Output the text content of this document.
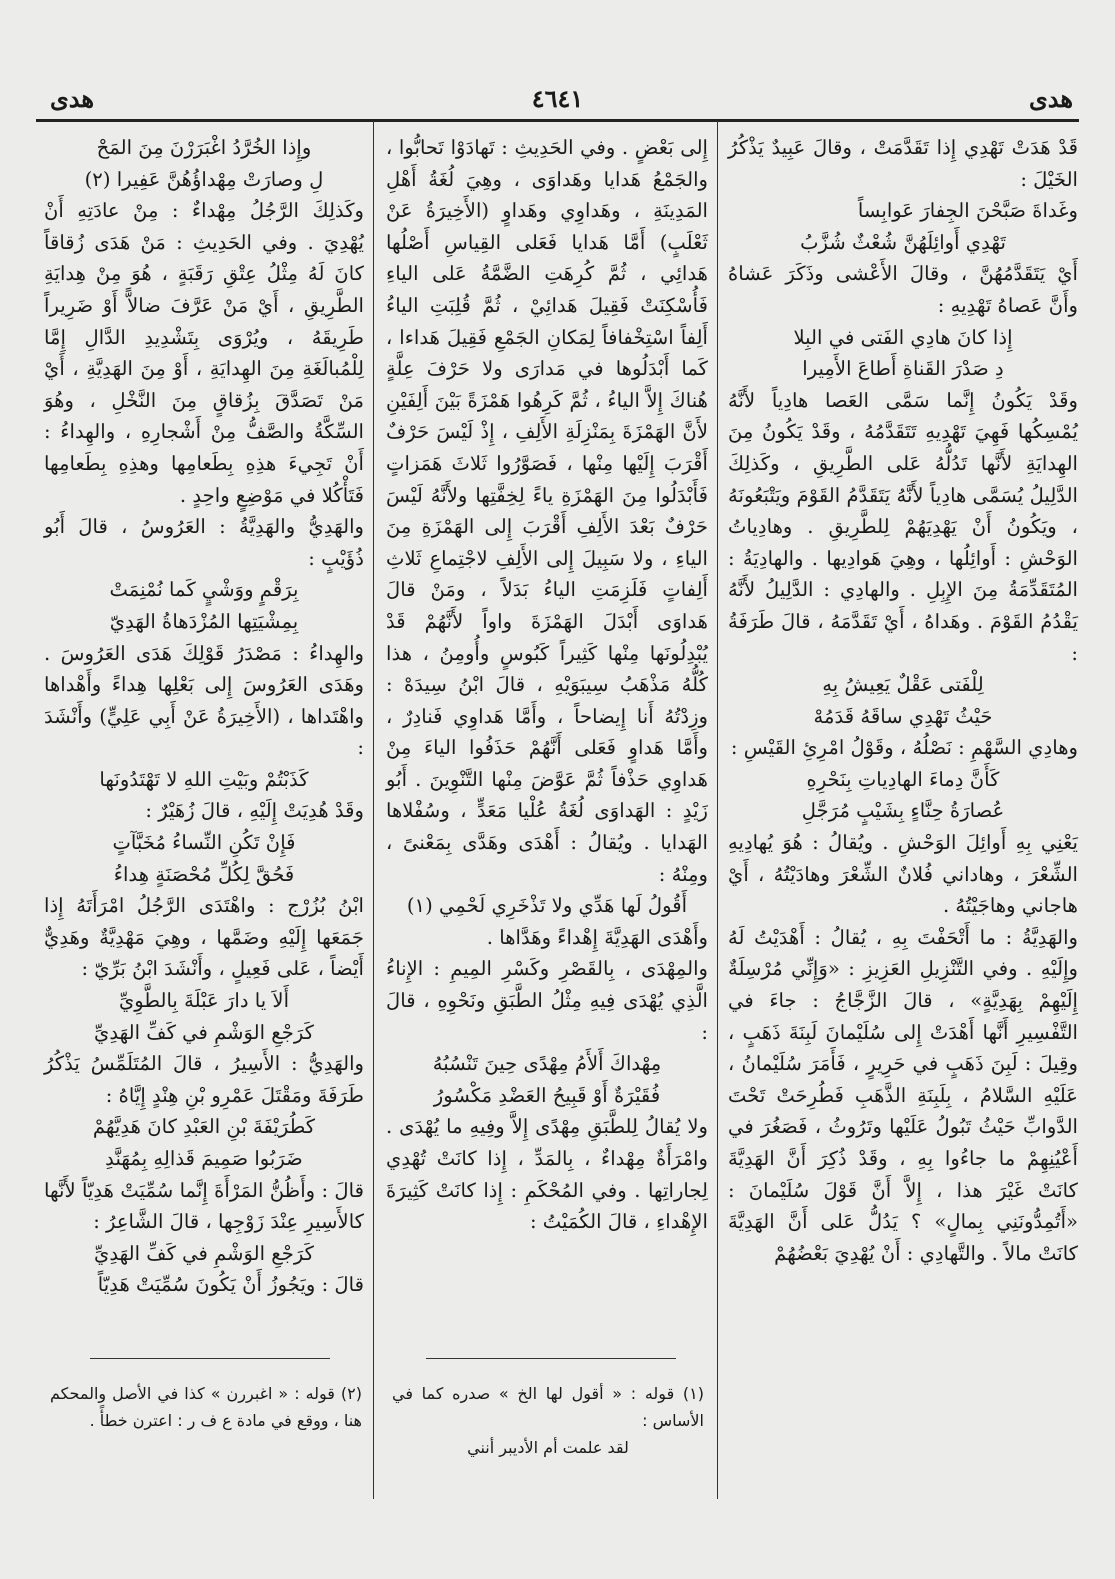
هدى
٤٦٤١
هدى

قَدْ هَدَتْ تَهْدِي إِذا تَقَدَّمَتْ ، وقالَ عَبِيدٌ يَذْكُرُ الخَيْلَ :

وغَداةَ صَبَّحْنَ الجِفارَ عَوابِساً

تَهْدِي أَوائِلَهُنَّ شُعْثٌ شُزَّبُ

أَيْ يَتَقَدَّمُهُنَّ ، وقالَ الأَعْشى وذَكَرَ عَشاهُ وأَنَّ عَصاهُ تَهْدِيهِ :

إِذا كانَ هادِي الفَتى في البِلا

دِ صَدْرَ القَناةِ أَطاعَ الأَمِيرا

وقَدْ يَكُونُ إِنَّما سَمَّى العَصا هادِياً لأَنَّهُ يُمْسِكُها فَهِيَ تَهْدِيهِ تَتَقَدَّمُهُ ، وقَدْ يَكُونُ مِنَ الهِدايَةِ لأَنَّها تَدُلُّهُ عَلى الطَّرِيقِ ، وكَذلِكَ الدَّلِيلُ يُسَمَّى هادِياً لأَنَّهُ يَتَقَدَّمُ القَوْمَ ويَتْبَعُونَهُ ، ويَكُونُ أَنْ يَهْدِيَهُمْ لِلطَّرِيقِ . وهادِياتُ الوَحْشِ : أَوائِلُها ، وهِيَ هَوادِيها . والهادِيَةُ : المُتَقَدِّمَةُ مِنَ الإِبِلِ . والهادِي : الدَّلِيلُ لأَنَّهُ يَقْدُمُ القَوْمَ . وهَداهُ ، أَيْ تَقَدَّمَهُ ، قالَ طَرَفَةُ :

لِلْفَتى عَقْلٌ يَعِيشُ بِهِ

حَيْثُ تَهْدِي ساقَهُ قَدَمُهْ

وهادِي السَّهْمِ : نَصْلُهُ ، وقَوْلُ امْرِئِ القَيْسِ :

كَأَنَّ دِماءَ الهادِياتِ بِنَحْرِهِ

عُصارَةُ حِنَّاءٍ بِشَيْبٍ مُرَجَّلِ

يَعْنِي بِهِ أَوائِلَ الوَحْشِ . ويُقالُ : هُوَ يُهادِيهِ الشِّعْرَ ، وهاداني فُلانٌ الشِّعْرَ وهادَيْتُهُ ، أَيْ هاجاني وهاجَيْتُهُ .

والهَدِيَّةُ : ما أَتْحَفْتَ بِهِ ، يُقالُ : أَهْدَيْتُ لَهُ وإِلَيْهِ . وفي التَّنْزِيلِ العَزِيزِ : «وَإِنِّي مُرْسِلَةٌ إِلَيْهِمْ بِهَدِيَّةٍ» ، قالَ الزَّجَّاجُ : جاءَ في التَّفْسِيرِ أَنَّها أَهْدَتْ إِلى سُلَيْمانَ لَبِنَةَ ذَهَبٍ ، وقِيلَ : لَبِنَ ذَهَبٍ في حَرِيرٍ ، فَأَمَرَ سُلَيْمانُ ، عَلَيْهِ السَّلامُ ، بِلَبِنَةِ الذَّهَبِ فَطُرِحَتْ تَحْتَ الدَّوابِّ حَيْثُ تَبُولُ عَلَيْها وتَرُوثُ ، فَصَغُرَ في أَعْيُنِهِمْ ما جاءُوا بِهِ ، وقَدْ ذُكِرَ أَنَّ الهَدِيَّةَ كانَتْ غَيْرَ هذا ، إِلاَّ أَنَّ قَوْلَ سُلَيْمانَ : «أَتُمِدُّونَنِي بِمالٍ» ؟ يَدُلُّ عَلى أَنَّ الهَدِيَّةَ كانَتْ مالاً . والتَّهادِي : أَنْ يُهْدِيَ بَعْضُهُمْ

إِلى بَعْضٍ . وفي الحَدِيثِ : تَهادَوْا تَحابُّوا ، والجَمْعُ هَدايا وهَداوَى ، وهِيَ لُغَةُ أَهْلِ المَدِينَةِ ، وهَداوِي وهَداوٍ (الأَخِيرَةُ عَنْ ثَعْلَبٍ) أَمَّا هَدايا فَعَلى القِياسِ أَصْلُها هَدائِي ، ثُمَّ كُرِهَتِ الضَّمَّةُ عَلى الياءِ فَأُسْكِنَتْ فَقِيلَ هَدائِيْ ، ثُمَّ قُلِبَتِ الياءُ أَلِفاً اسْتِخْفافاً لِمَكانِ الجَمْعِ فَقِيلَ هَداءا ، كَما أَبْدَلُوها في مَدارَى ولا حَرْفَ عِلَّةٍ هُناكَ إِلاَّ الياءُ ، ثُمَّ كَرِهُوا هَمْزَةً بَيْنَ أَلِفَيْنِ لأَنَّ الهَمْزَةَ بِمَنْزِلَةِ الأَلِفِ ، إِذْ لَيْسَ حَرْفٌ أَقْرَبَ إِلَيْها مِنْها ، فَصَوَّرُوا ثَلاثَ هَمَزاتٍ فَأَبْدَلُوا مِنَ الهَمْزَةِ ياءً لِخِفَّتِها ولأَنَّهُ لَيْسَ حَرْفٌ بَعْدَ الأَلِفِ أَقْرَبَ إِلى الهَمْزَةِ مِنَ الياءِ ، ولا سَبِيلَ إِلى الأَلِفِ لاجْتِماعِ ثَلاثِ أَلِفاتٍ فَلَزِمَتِ الياءُ بَدَلاً ، ومَنْ قالَ هَداوَى أَبْدَلَ الهَمْزَةَ واواً لأَنَّهُمْ قَدْ يُبْدِلُونَها مِنْها كَثِيراً كَبُوسٍ وأُومِنُ ، هذا كُلُّهُ مَذْهَبُ سِيبَوَيْهِ ، قالَ ابْنُ سِيدَهْ : وزِدْتُهُ أَنا إِيضاحاً ، وأَمَّا هَداوِي فَنادِرٌ ، وأَمَّا هَداوٍ فَعَلى أَنَّهُمْ حَذَفُوا الياءَ مِنْ هَداوِي حَذْفاً ثُمَّ عَوَّضَ مِنْها التَّنْوِينَ . أَبُو زَيْدٍ : الهَداوَى لُغَةُ عُلْيا مَعَدٍّ ، وسُفْلاها الهَدايا . ويُقالُ : أَهْدَى وهَدَّى بِمَعْنىً ، ومِنْهُ :

أَقُولُ لَها هَدِّي ولا تَذْخَرِي لَحْمِي (١)

وأَهْدَى الهَدِيَّةَ إِهْداءً وهَدَّاها .

والمِهْدَى ، بِالقَصْرِ وكَسْرِ المِيمِ : الإِناءُ الَّذِي يُهْدَى فِيهِ مِثْلُ الطَّبَقِ ونَحْوِهِ ، قالَ :

مِهْداكَ أَلأَمُ مِهْدًى حِينَ تَنْسُبُهُ

فُقَيْرَةٌ أَوْ قَبِيحُ العَضْدِ مَكْسُورُ

ولا يُقالُ لِلطَّبَقِ مِهْدًى إِلاَّ وفِيهِ ما يُهْدَى . وامْرَأَةٌ مِهْداءٌ ، بِالمَدِّ ، إِذا كانَتْ تُهْدِي لِجاراتِها . وفي المُحْكَمِ : إِذا كانَتْ كَثِيرَةَ الإِهْداءِ ، قالَ الكُمَيْتُ :

وإِذا الخُرَّدُ اغْبَرَرْنَ مِنَ المَحْ

لِ وصارَتْ مِهْداؤُهُنَّ عَفِيرا (٢)

وكَذلِكَ الرَّجُلُ مِهْداءٌ : مِنْ عادَتِهِ أَنْ يُهْدِيَ . وفي الحَدِيثِ : مَنْ هَدَى زُقاقاً كانَ لَهُ مِثْلُ عِتْقِ رَقَبَةٍ ، هُوَ مِنْ هِدايَةِ الطَّرِيقِ ، أَيْ مَنْ عَرَّفَ ضالاًّ أَوْ ضَرِيراً طَرِيقَهُ ، ويُرْوَى بِتَشْدِيدِ الدَّالِ إِمَّا لِلْمُبالَغَةِ مِنَ الهِدايَةِ ، أَوْ مِنَ الهَدِيَّةِ ، أَيْ مَنْ تَصَدَّقَ بِزُقاقٍ مِنَ النَّخْلِ ، وهُوَ السِّكَّةُ والصَّفُّ مِنْ أَشْجارِهِ ، والهِداءُ : أَنْ تَجِيءَ هذِهِ بِطَعامِها وهذِهِ بِطَعامِها فَتَأْكُلا في مَوْضِعٍ واحِدٍ .

والهَدِيُّ والهَدِيَّةُ : العَرُوسُ ، قالَ أَبُو ذُؤَيْبٍ :

بِرَقْمٍ ووَشْيٍ كَما نُمْنِمَتْ

بِمِشْيَتِها المُزْدَهاةُ الهَدِيّ

والهِداءُ : مَصْدَرُ قَوْلِكَ هَدَى العَرُوسَ . وهَدَى العَرُوسَ إِلى بَعْلِها هِداءً وأَهْداها واهْتَداها ، (الأَخِيرَةُ عَنْ أَبِي عَلِيٍّ) وأَنْشَدَ :

كَذَبْتُمْ وبَيْتِ اللهِ لا تَهْتَدُونَها

وقَدْ هُدِيَتْ إِلَيْهِ ، قالَ زُهَيْرٌ :

فَإِنْ تَكُنِ النِّساءُ مُخَبَّآتٍ

فَحُقَّ لِكُلِّ مُحْصَنَةٍ هِداءُ

ابْنُ بُزُرْج : واهْتَدَى الرَّجُلُ امْرَأَتَهُ إِذا جَمَعَها إِلَيْهِ وضَمَّها ، وهِيَ مَهْدِيَّةٌ وهَدِيٌّ أَيْضاً ، عَلى فَعِيلٍ ، وأَنْشَدَ ابْنُ بَرِّيّ :

أَلاَ يا دارَ عَبْلَةَ بِالطَّوِيِّ

كَرَجْعِ الوَشْمِ في كَفِّ الهَدِيِّ

والهَدِيُّ : الأَسِيرُ ، قالَ المُتَلَمِّسُ يَذْكُرُ طَرَفَةَ ومَقْتَلَ عَمْرِو بْنِ هِنْدٍ إِيَّاهُ :

كَطُرَيْفَةَ بْنِ العَبْدِ كانَ هَدِيَّهُمْ

ضَرَبُوا صَمِيمَ قَذالِهِ بِمُهَنَّدِ

قالَ : وأَظُنُّ المَرْأَةَ إِنَّما سُمِّيَتْ هَدِيّاً لأَنَّها كالأَسِيرِ عِنْدَ زَوْجِها ، قالَ الشَّاعِرُ :

كَرَجْعِ الوَشْمِ في كَفِّ الهَدِيِّ

قالَ : ويَجُوزُ أَنْ يَكُونَ سُمِّيَتْ هَدِيّاً

(١) قوله : « أقول لها الخ » صدره كما في الأساس :

لقد علمت أم الأديبر أنني

(٢) قوله : « اغبررن » كذا في الأصل والمحكم هنا ، ووقع في مادة ع ف ر : اعترن خطأً .
